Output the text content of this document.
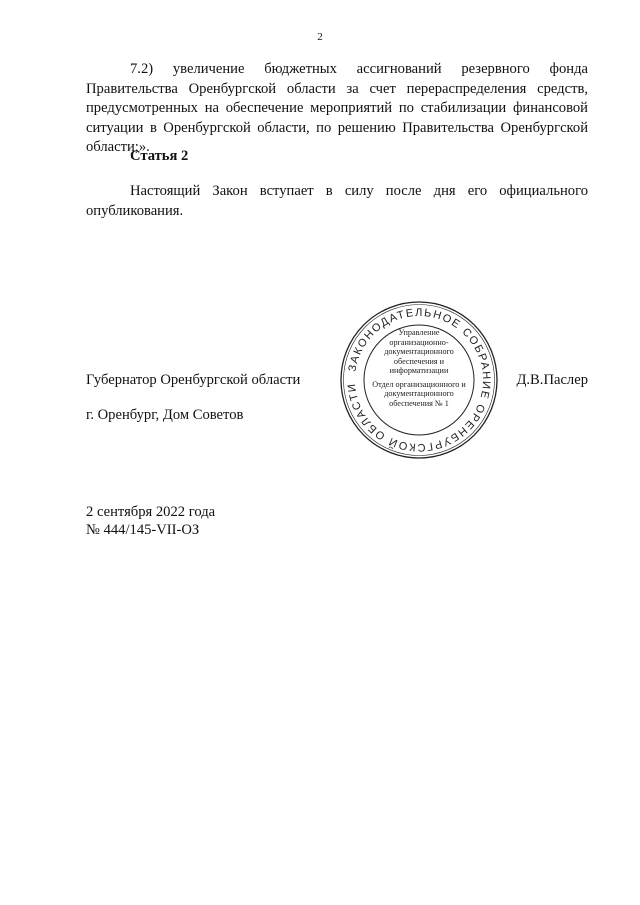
2
7.2) увеличение бюджетных ассигнований резервного фонда Правительства Оренбургской области за счет перераспределения средств, предусмотренных на обеспечение мероприятий по стабилизации финансовой ситуации в Оренбургской области, по решению Правительства Оренбургской области;».
Статья 2
Настоящий Закон вступает в силу после дня его официального опубликования.
Губернатор Оренбургской области	Д.В.Паслер
г. Оренбург, Дом Советов
2 сентября 2022 года
№ 444/145-VII-ОЗ
ЗАКОНОДАТЕЛЬНОЕ СОБРАНИЕ ОРЕНБУРГСКОЙ ОБЛАСТИ
Управление организационно-документационного обеспечения и информатизации
Отдел организационного и документационного обеспечения № 1
